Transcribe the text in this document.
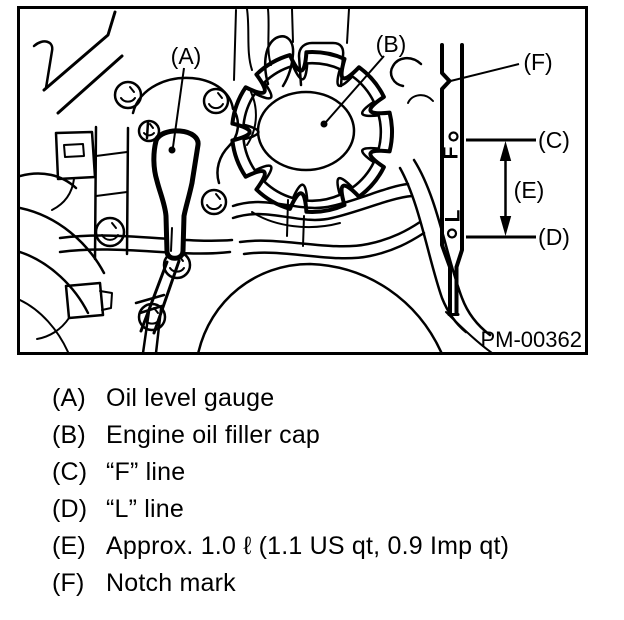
(A)	(B)
F
L
(F)
(C)
(E)
(D)
PM-00362
(A) Oil level gauge
(B) Engine oil filler cap
(C) “F” line
(D) “L” line
(E) Approx. 1.0 ℓ (1.1 US qt, 0.9 Imp qt)
(F) Notch mark
